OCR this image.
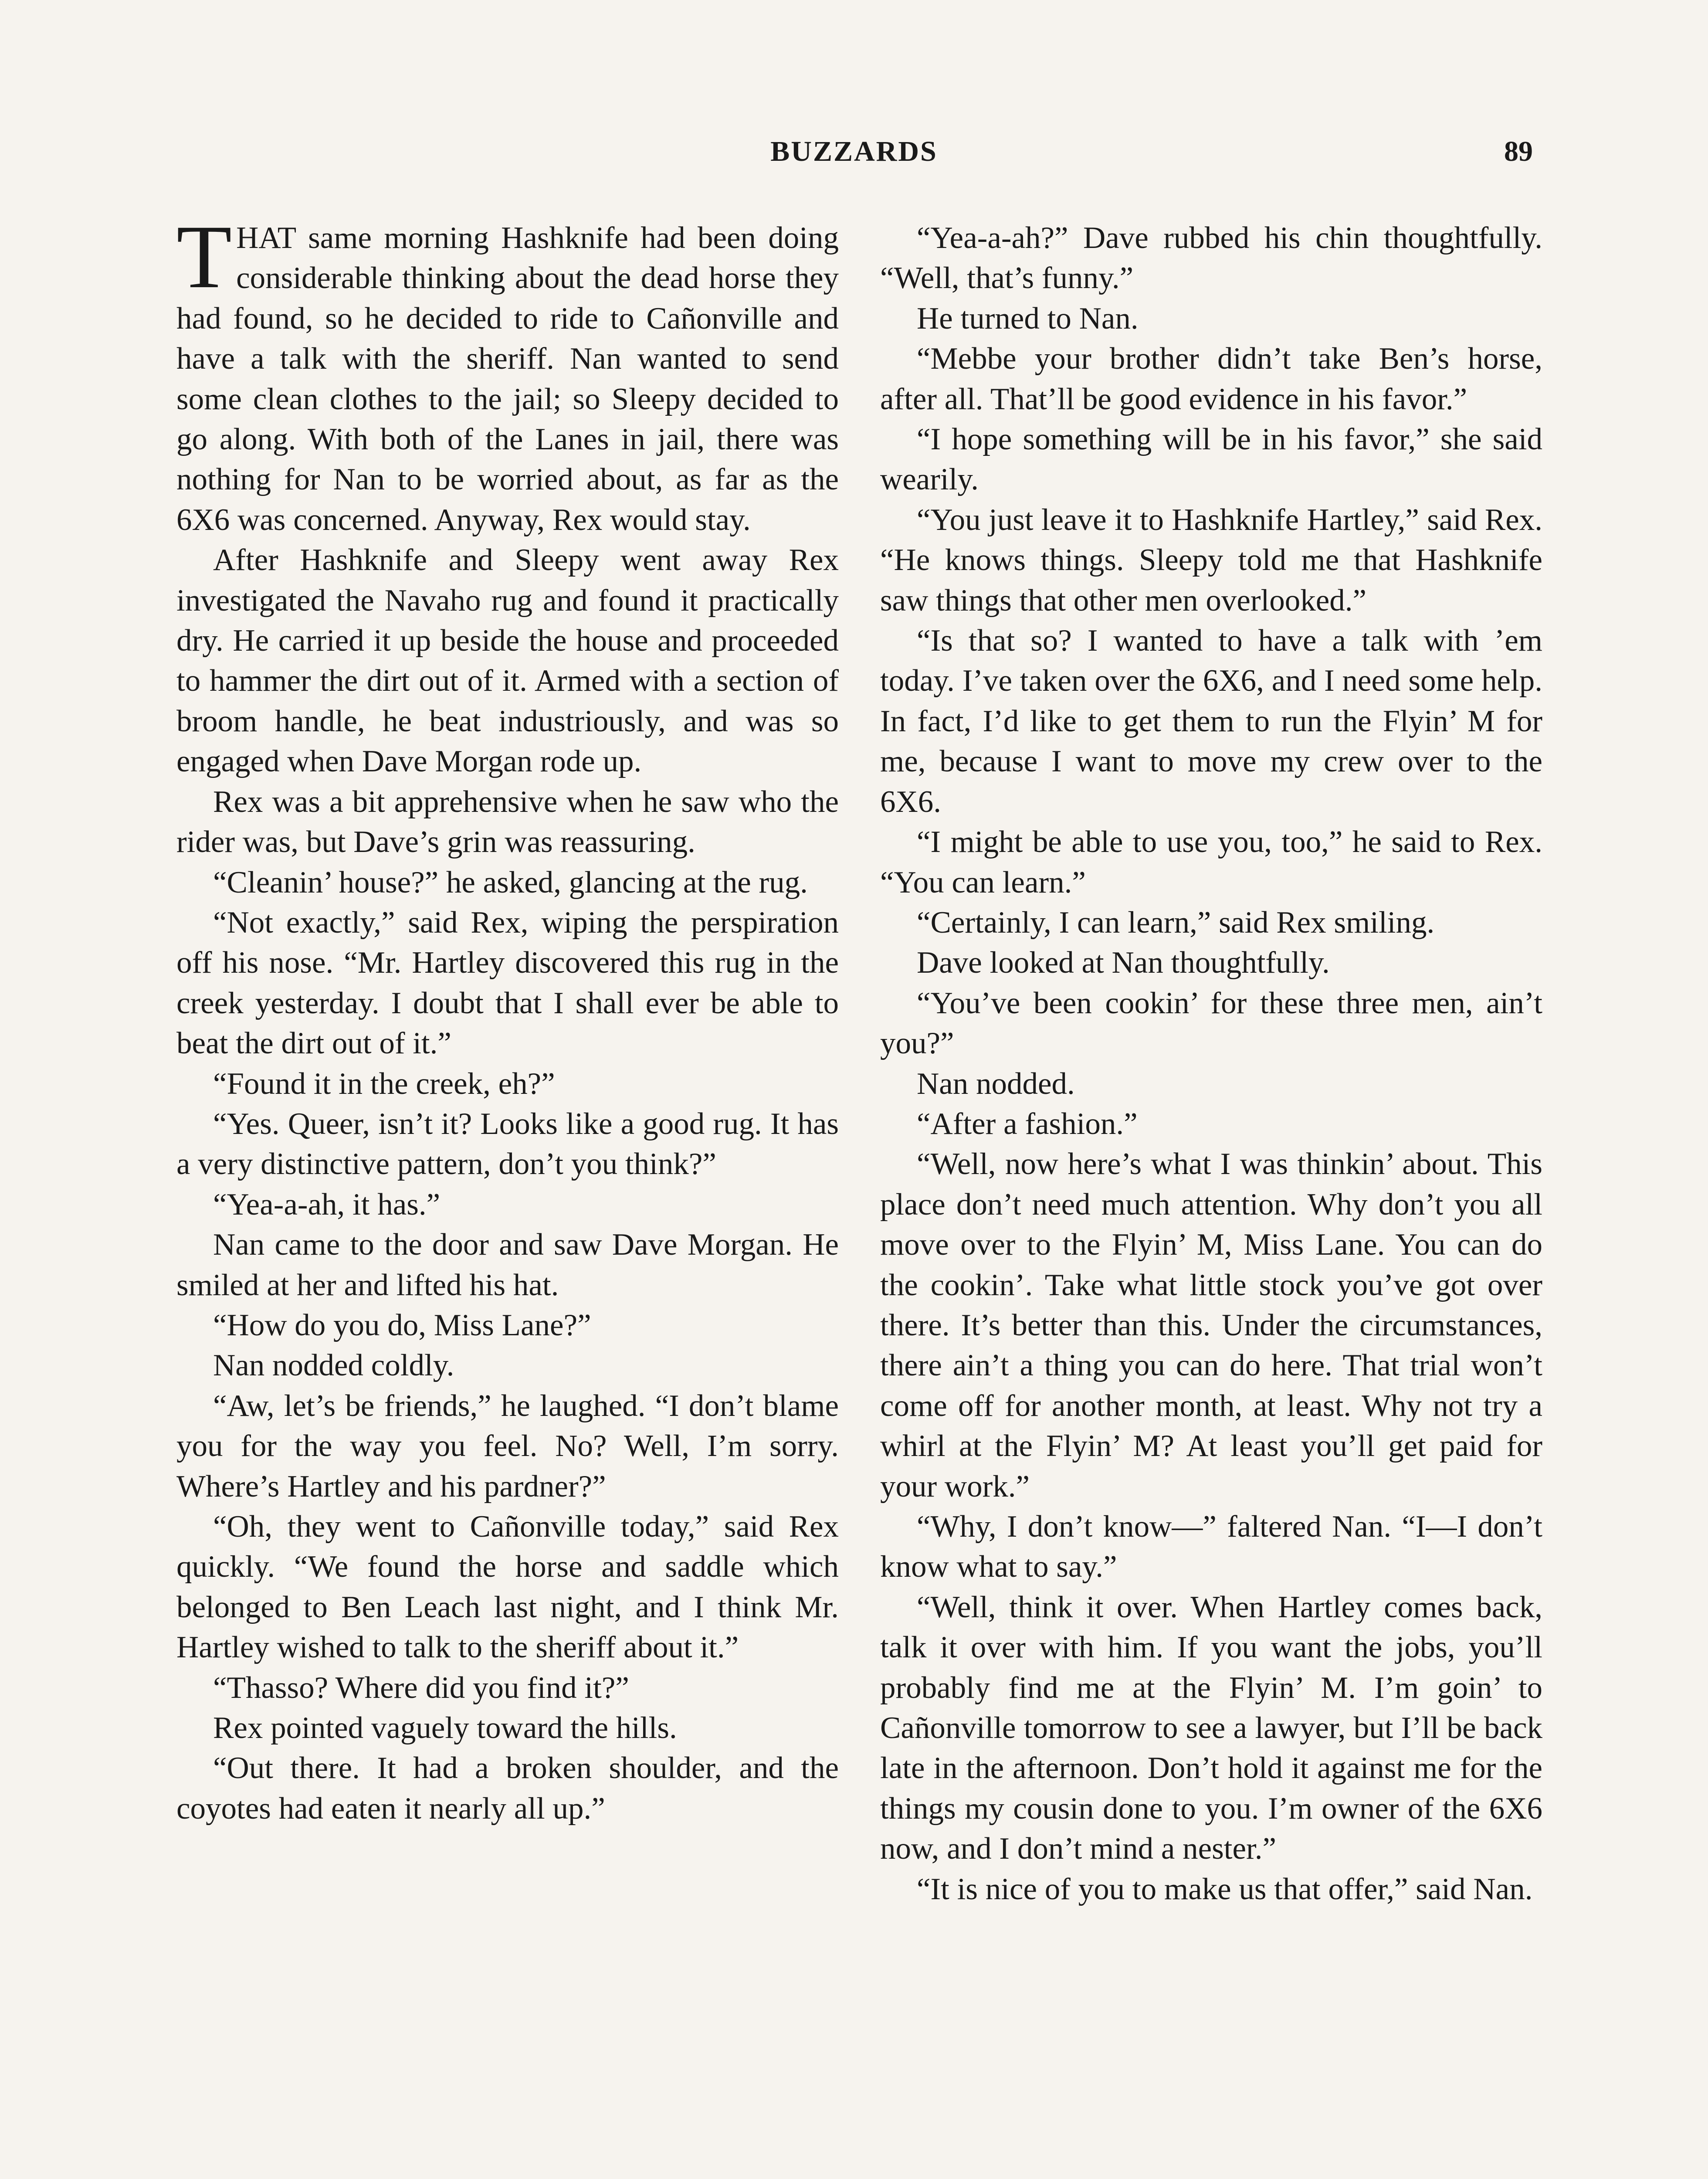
BUZZARDS	89

THAT same morning Hashknife had been doing considerable thinking about the dead horse they had found, so he decided to ride to Cañonville and have a talk with the sheriff. Nan wanted to send some clean clothes to the jail; so Sleepy decided to go along. With both of the Lanes in jail, there was nothing for Nan to be worried about, as far as the 6X6 was concerned. Anyway, Rex would stay.

After Hashknife and Sleepy went away Rex investigated the Navaho rug and found it practically dry. He carried it up beside the house and proceeded to hammer the dirt out of it. Armed with a section of broom handle, he beat industriously, and was so engaged when Dave Morgan rode up.

Rex was a bit apprehensive when he saw who the rider was, but Dave’s grin was reassuring.

“Cleanin’ house?” he asked, glancing at the rug.

“Not exactly,” said Rex, wiping the perspiration off his nose. “Mr. Hartley discovered this rug in the creek yesterday. I doubt that I shall ever be able to beat the dirt out of it.”

“Found it in the creek, eh?”

“Yes. Queer, isn’t it? Looks like a good rug. It has a very distinctive pattern, don’t you think?”

“Yea-a-ah, it has.”

Nan came to the door and saw Dave Morgan. He smiled at her and lifted his hat.

“How do you do, Miss Lane?”

Nan nodded coldly.

“Aw, let’s be friends,” he laughed. “I don’t blame you for the way you feel. No? Well, I’m sorry. Where’s Hartley and his pardner?”

“Oh, they went to Cañonville today,” said Rex quickly. “We found the horse and saddle which belonged to Ben Leach last night, and I think Mr. Hartley wished to talk to the sheriff about it.”

“Thasso? Where did you find it?”

Rex pointed vaguely toward the hills.

“Out there. It had a broken shoulder, and the coyotes had eaten it nearly all up.”

“Yea-a-ah?” Dave rubbed his chin thoughtfully. “Well, that’s funny.”

He turned to Nan.

“Mebbe your brother didn’t take Ben’s horse, after all. That’ll be good evidence in his favor.”

“I hope something will be in his favor,” she said wearily.

“You just leave it to Hashknife Hartley,” said Rex. “He knows things. Sleepy told me that Hashknife saw things that other men overlooked.”

“Is that so? I wanted to have a talk with ’em today. I’ve taken over the 6X6, and I need some help. In fact, I’d like to get them to run the Flyin’ M for me, because I want to move my crew over to the 6X6.

“I might be able to use you, too,” he said to Rex. “You can learn.”

“Certainly, I can learn,” said Rex smiling.

Dave looked at Nan thoughtfully.

“You’ve been cookin’ for these three men, ain’t you?”

Nan nodded.

“After a fashion.”

“Well, now here’s what I was thinkin’ about. This place don’t need much attention. Why don’t you all move over to the Flyin’ M, Miss Lane. You can do the cookin’. Take what little stock you’ve got over there. It’s better than this. Under the circumstances, there ain’t a thing you can do here. That trial won’t come off for another month, at least. Why not try a whirl at the Flyin’ M? At least you’ll get paid for your work.”

“Why, I don’t know—” faltered Nan. “I—I don’t know what to say.”

“Well, think it over. When Hartley comes back, talk it over with him. If you want the jobs, you’ll probably find me at the Flyin’ M. I’m goin’ to Cañonville tomorrow to see a lawyer, but I’ll be back late in the afternoon. Don’t hold it against me for the things my cousin done to you. I’m owner of the 6X6 now, and I don’t mind a nester.”

“It is nice of you to make us that offer,” said Nan.
